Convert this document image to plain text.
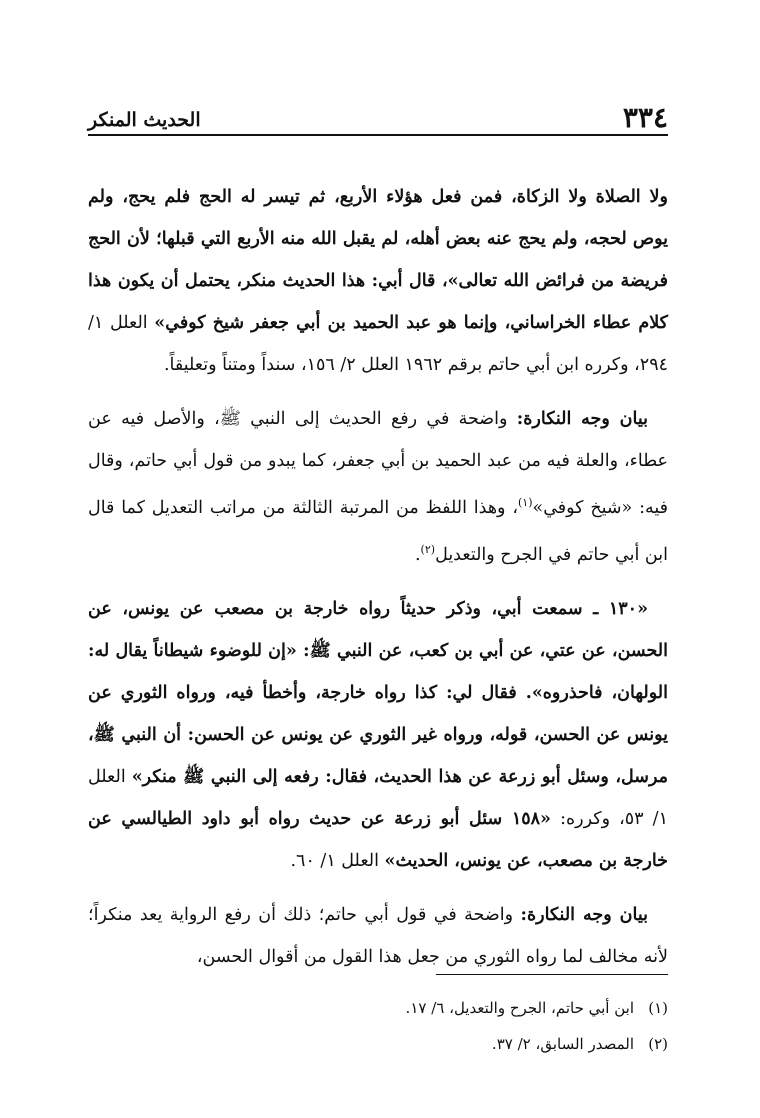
٣٣٤
الحديث المنكر

ولا الصلاة ولا الزكاة، فمن فعل هؤلاء الأربع، ثم تيسر له الحج فلم يحج، ولم يوص لحجه، ولم يحج عنه بعض أهله، لم يقبل الله منه الأربع التي قبلها؛ لأن الحج فريضة من فرائض الله تعالى»، قال أبي: هذا الحديث منكر، يحتمل أن يكون هذا كلام عطاء الخراساني، وإنما هو عبد الحميد بن أبي جعفر شيخ كوفي» العلل ١/ ٢٩٤، وكرره ابن أبي حاتم برقم ١٩٦٢ العلل ٢/ ١٥٦، سنداً ومتناً وتعليقاً.

بيان وجه النكارة: واضحة في رفع الحديث إلى النبي ﷺ، والأصل فيه عن عطاء، والعلة فيه من عبد الحميد بن أبي جعفر، كما يبدو من قول أبي حاتم، وقال فيه: «شيخ كوفي»$^{(١)}$، وهذا اللفظ من المرتبة الثالثة من مراتب التعديل كما قال ابن أبي حاتم في الجرح والتعديل$^{(٢)}$.

«١٣٠ ـ سمعت أبي، وذكر حديثاً رواه خارجة بن مصعب عن يونس، عن الحسن، عن عتي، عن أبي بن كعب، عن النبي ﷺ: «إن للوضوء شيطاناً يقال له: الولهان، فاحذروه». فقال لي: كذا رواه خارجة، وأخطأ فيه، ورواه الثوري عن يونس عن الحسن، قوله، ورواه غير الثوري عن يونس عن الحسن: أن النبي ﷺ، مرسل، وسئل أبو زرعة عن هذا الحديث، فقال: رفعه إلى النبي ﷺ منكر» العلل ١/ ٥٣، وكرره: «١٥٨ سئل أبو زرعة عن حديث رواه أبو داود الطيالسي عن خارجة بن مصعب، عن يونس، الحديث» العلل ١/ ٦٠.

بيان وجه النكارة: واضحة في قول أبي حاتم؛ ذلك أن رفع الرواية يعد منكراً؛ لأنه مخالف لما رواه الثوري من جعل هذا القول من أقوال الحسن،

(١)
ابن أبي حاتم، الجرح والتعديل، ٦/ ١٧.
(٢)
المصدر السابق، ٢/ ٣٧.
